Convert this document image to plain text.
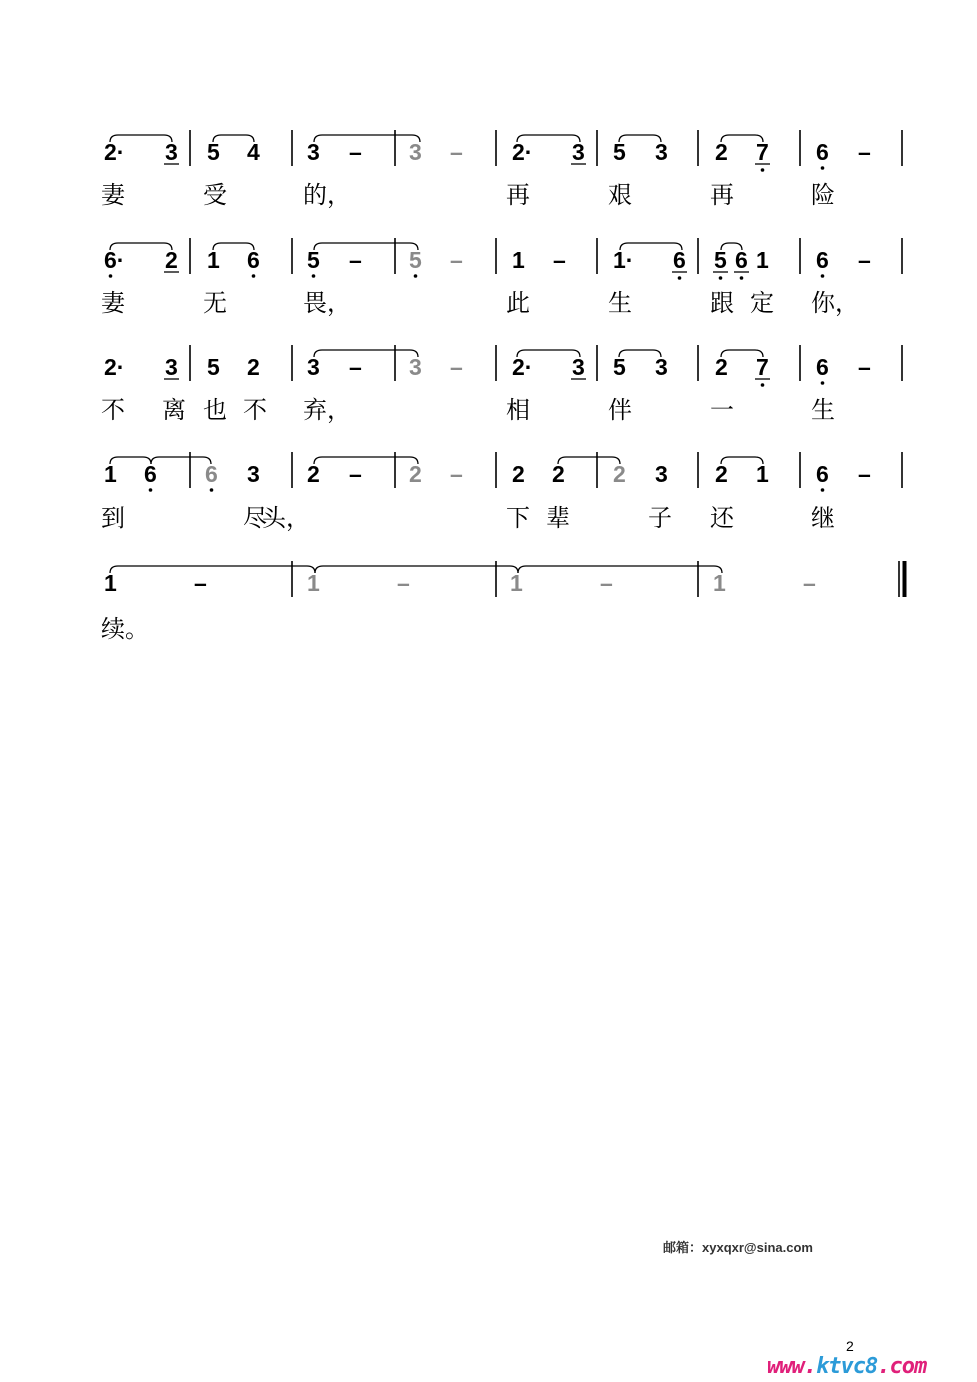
2· 3 5 4 3 – 3 – 2· 3 5 3 2 7 6 –
妻	受	的，	再	艰	再	险
6· 2 1 6 5 – 5 – 1 – 1· 6 5 6 1 6 –
妻	无	畏，	此	生	跟 定 你，
2· 3 5 2 3 – 3 – 2· 3 5 3 2 7 6 –
不 离 也 不 弃，	相	伴	一	生
1 6 6 3 2 – 2 – 2 2 2 3 2 1 6 –
到	尽
头，	下 辈	子 还	继
1	–	1	–	1	–	1	–
续。
邮箱：xyxqxr@sina.com
2
www.ktvc8.com
